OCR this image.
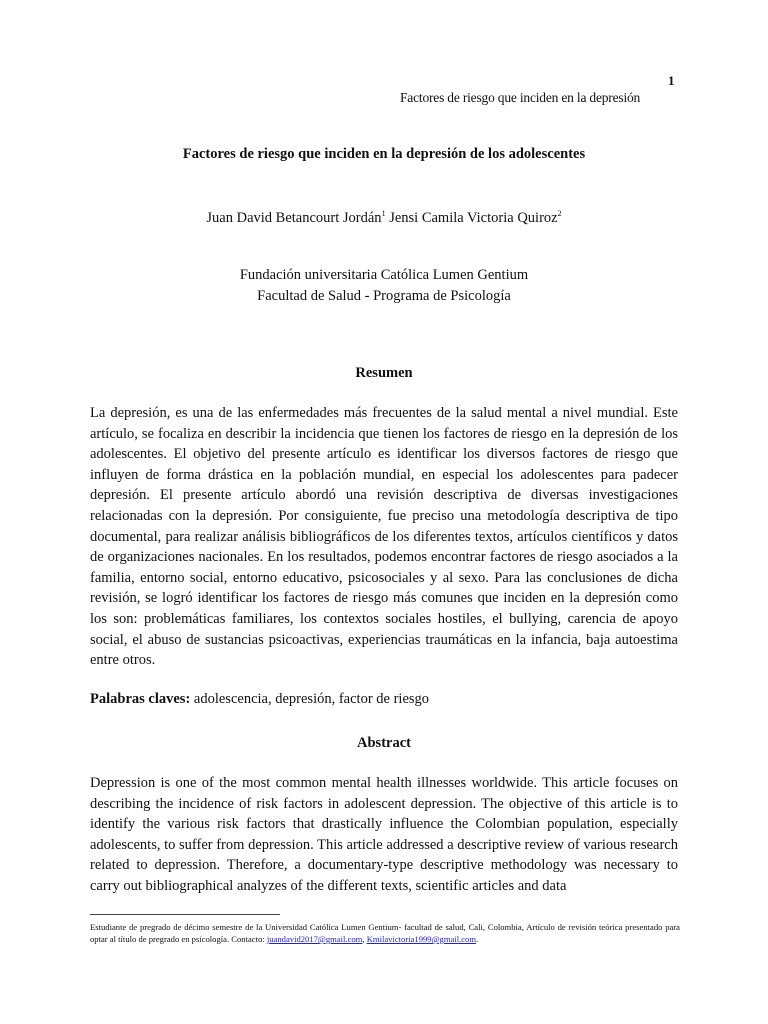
1
Factores de riesgo que inciden en la depresión
Factores de riesgo que inciden en la depresión de los adolescentes
Juan David Betancourt Jordán$^1$ Jensi Camila Victoria Quiroz$^2$
Fundación universitaria Católica Lumen Gentium
Facultad de Salud - Programa de Psicología
Resumen

La depresión, es una de las enfermedades más frecuentes de la salud mental a nivel mundial. Este artículo, se focaliza en describir la incidencia que tienen los factores de riesgo en la depresión de los adolescentes. El objetivo del presente artículo es identificar los diversos factores de riesgo que influyen de forma drástica en la población mundial, en especial los adolescentes para padecer depresión. El presente artículo abordó una revisión descriptiva de diversas investigaciones relacionadas con la depresión. Por consiguiente, fue preciso una metodología descriptiva de tipo documental, para realizar análisis bibliográficos de los diferentes textos, artículos científicos y datos de organizaciones nacionales. En los resultados, podemos encontrar factores de riesgo asociados a la familia, entorno social, entorno educativo, psicosociales y al sexo. Para las conclusiones de dicha revisión, se logró identificar los factores de riesgo más comunes que inciden en la depresión como los son: problemáticas familiares, los contextos sociales hostiles, el bullying, carencia de apoyo social, el abuso de sustancias psicoactivas, experiencias traumáticas en la infancia, baja autoestima entre otros.

Palabras claves: adolescencia, depresión, factor de riesgo
Abstract

Depression is one of the most common mental health illnesses worldwide. This article focuses on describing the incidence of risk factors in adolescent depression. The objective of this article is to identify the various risk factors that drastically influence the Colombian population, especially adolescents, to suffer from depression. This article addressed a descriptive review of various research related to depression. Therefore, a documentary-type descriptive methodology was necessary to carry out bibliographical analyzes of the different texts, scientific articles and data

Estudiante de pregrado de décimo semestre de la Universidad Católica Lumen Gentium- facultad de salud, Cali, Colombia, Artículo de revisión teórica presentado para optar al título de pregrado en psicología. Contacto: juandavid2017@gmail.com, Kmilavictoria1999@gmail.com.
